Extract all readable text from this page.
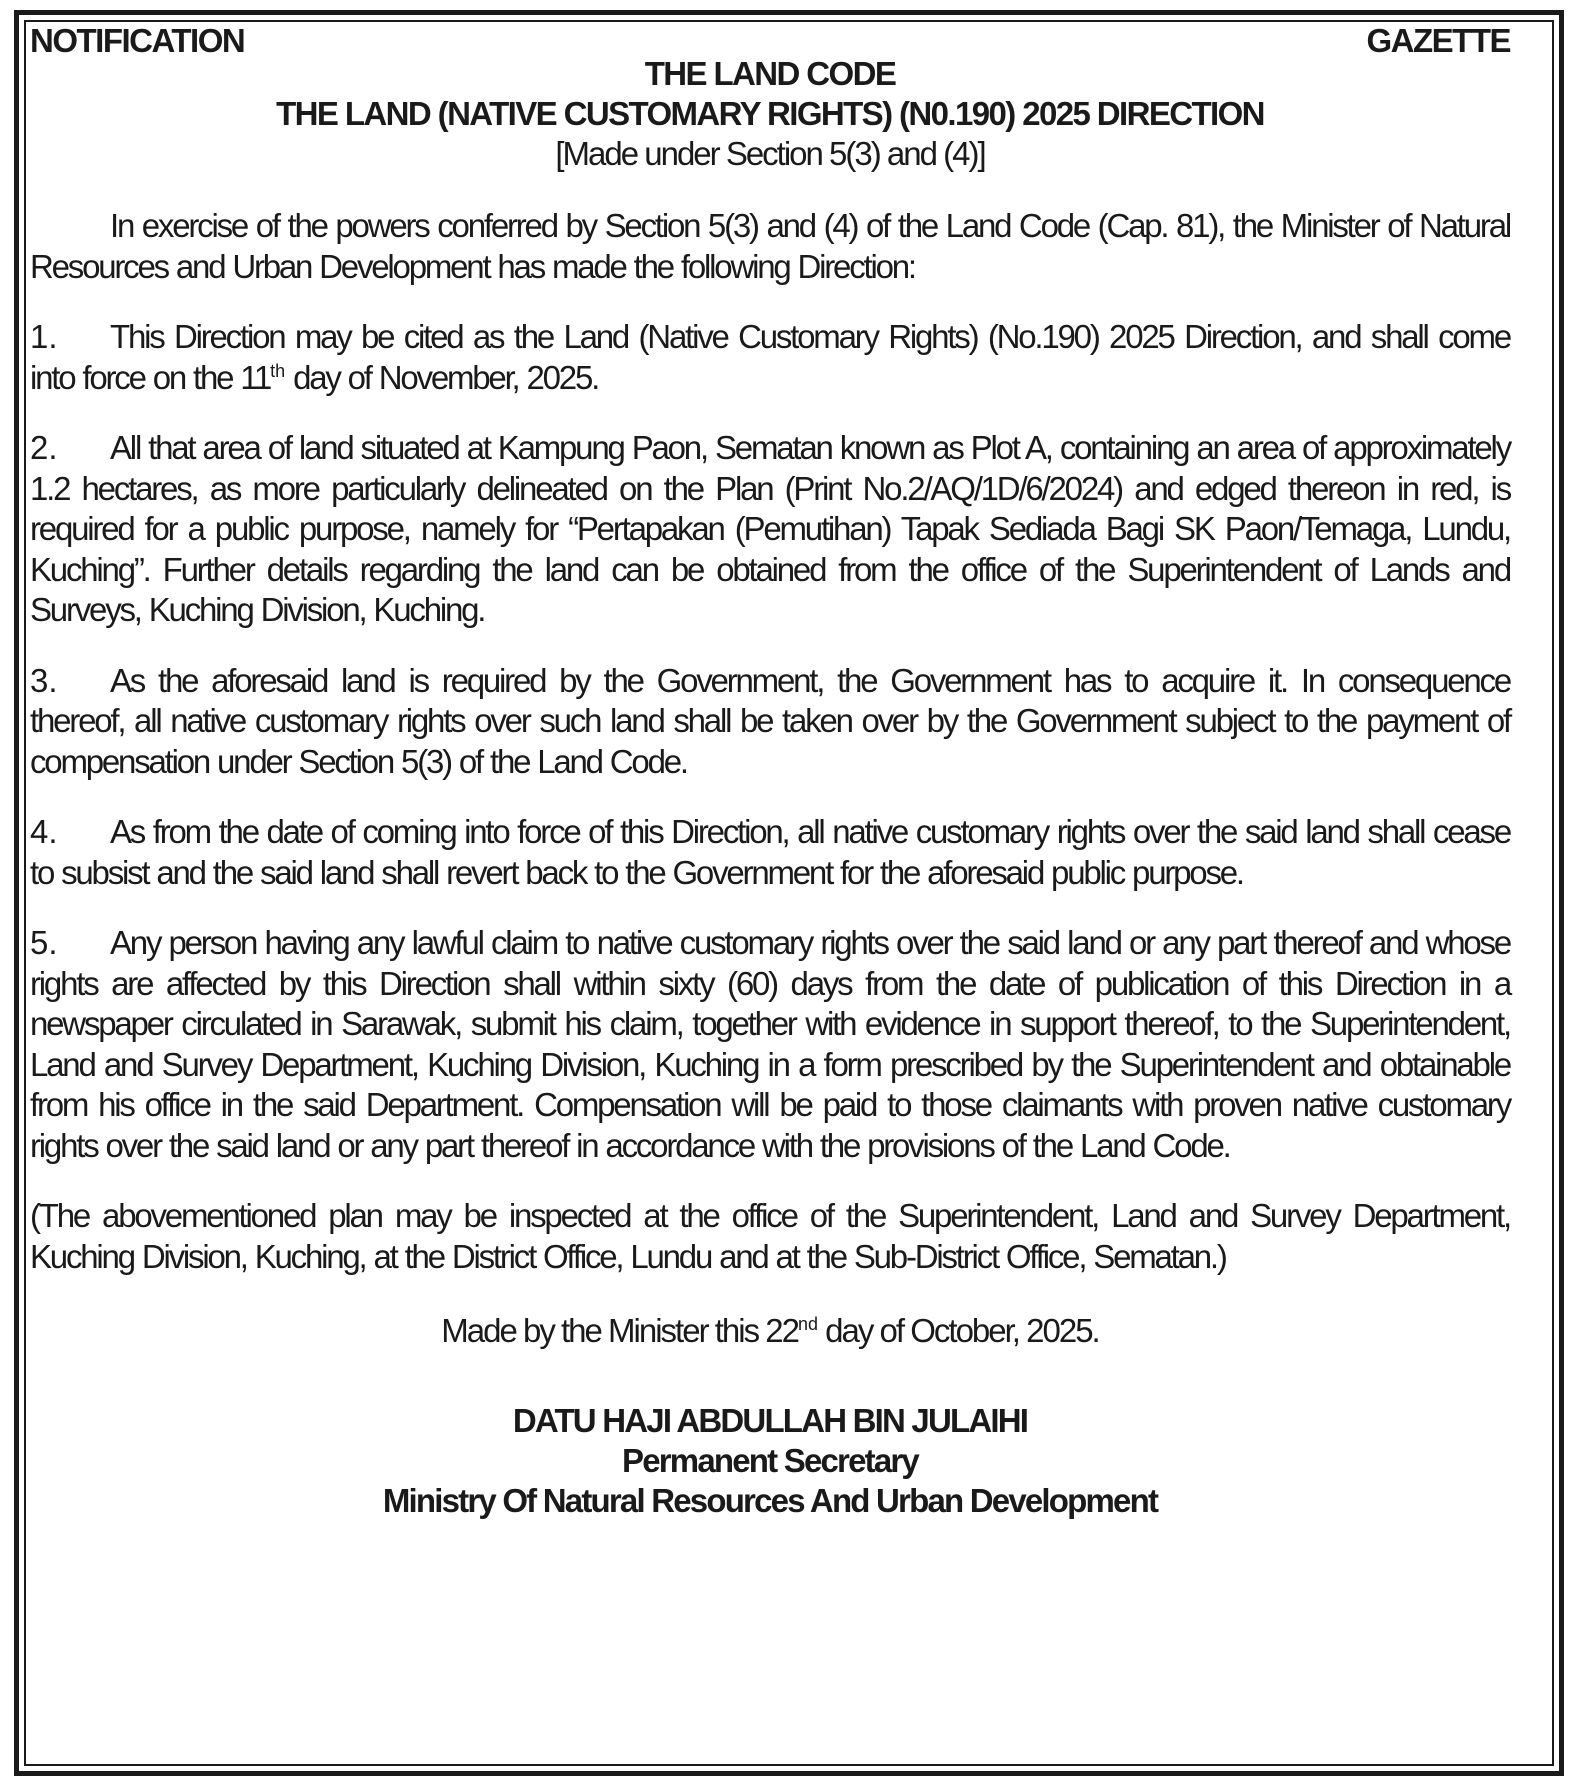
NOTIFICATION	GAZETTE
THE LAND CODE
THE LAND (NATIVE CUSTOMARY RIGHTS) (N0.190) 2025 DIRECTION
[Made under Section 5(3) and (4)]

In exercise of the powers conferred by Section 5(3) and (4) of the Land Code (Cap. 81), the Minister of Natural Resources and Urban Development has made the following Direction:

1. This Direction may be cited as the Land (Native Customary Rights) (No.190) 2025 Direction, and shall come into force on the 11th day of November, 2025.

2. All that area of land situated at Kampung Paon, Sematan known as Plot A, containing an area of approximately 1.2 hectares, as more particularly delineated on the Plan (Print No.2/AQ/1D/6/2024) and edged thereon in red, is required for a public purpose, namely for “Pertapakan (Pemutihan) Tapak Sediada Bagi SK Paon/Temaga, Lundu, Kuching”. Further details regarding the land can be obtained from the office of the Superintendent of Lands and Surveys, Kuching Division, Kuching.

3. As the aforesaid land is required by the Government, the Government has to acquire it. In consequence thereof, all native customary rights over such land shall be taken over by the Government subject to the payment of compensation under Section 5(3) of the Land Code.

4. As from the date of coming into force of this Direction, all native customary rights over the said land shall cease to subsist and the said land shall revert back to the Government for the aforesaid public purpose.

5. Any person having any lawful claim to native customary rights over the said land or any part thereof and whose rights are affected by this Direction shall within sixty (60) days from the date of publication of this Direction in a newspaper circulated in Sarawak, submit his claim, together with evidence in support thereof, to the Superintendent, Land and Survey Department, Kuching Division, Kuching in a form prescribed by the Superintendent and obtainable from his office in the said Department. Compensation will be paid to those claimants with proven native customary rights over the said land or any part thereof in accordance with the provisions of the Land Code.

(The abovementioned plan may be inspected at the office of the Superintendent, Land and Survey Department, Kuching Division, Kuching, at the District Office, Lundu and at the Sub-District Office, Sematan.)

Made by the Minister this 22nd day of October, 2025.
DATU HAJI ABDULLAH BIN JULAIHI
Permanent Secretary
Ministry Of Natural Resources And Urban Development
